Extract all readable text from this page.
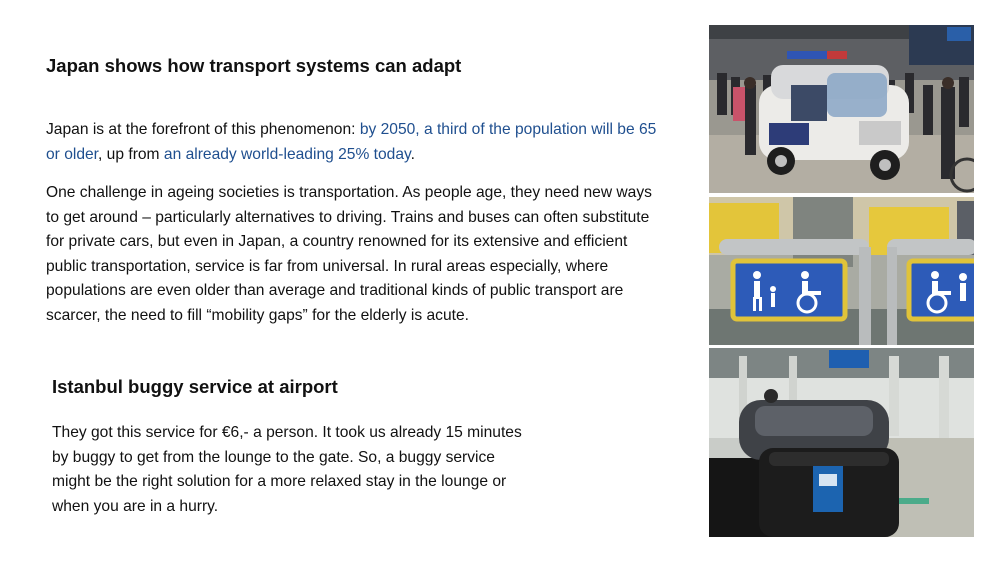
Japan shows how transport systems can adapt
Japan is at the forefront of this phenomenon: by 2050, a third of the population will be 65 or older, up from an already world-leading 25% today.
One challenge in ageing societies is transportation. As people age, they need new ways to get around – particularly alternatives to driving. Trains and buses can often substitute for private cars, but even in Japan, a country renowned for its extensive and efficient public transportation, service is far from universal. In rural areas especially, where populations are even older than average and traditional kinds of public transport are scarcer, the need to fill “mobility gaps” for the elderly is acute.
Istanbul buggy service at airport
They got this service for €6,- a person. It took us already 15 minutes by buggy to get from the lounge to the gate. So, a buggy service might be the right solution for a more relaxed stay in the lounge or when you are in a hurry.
